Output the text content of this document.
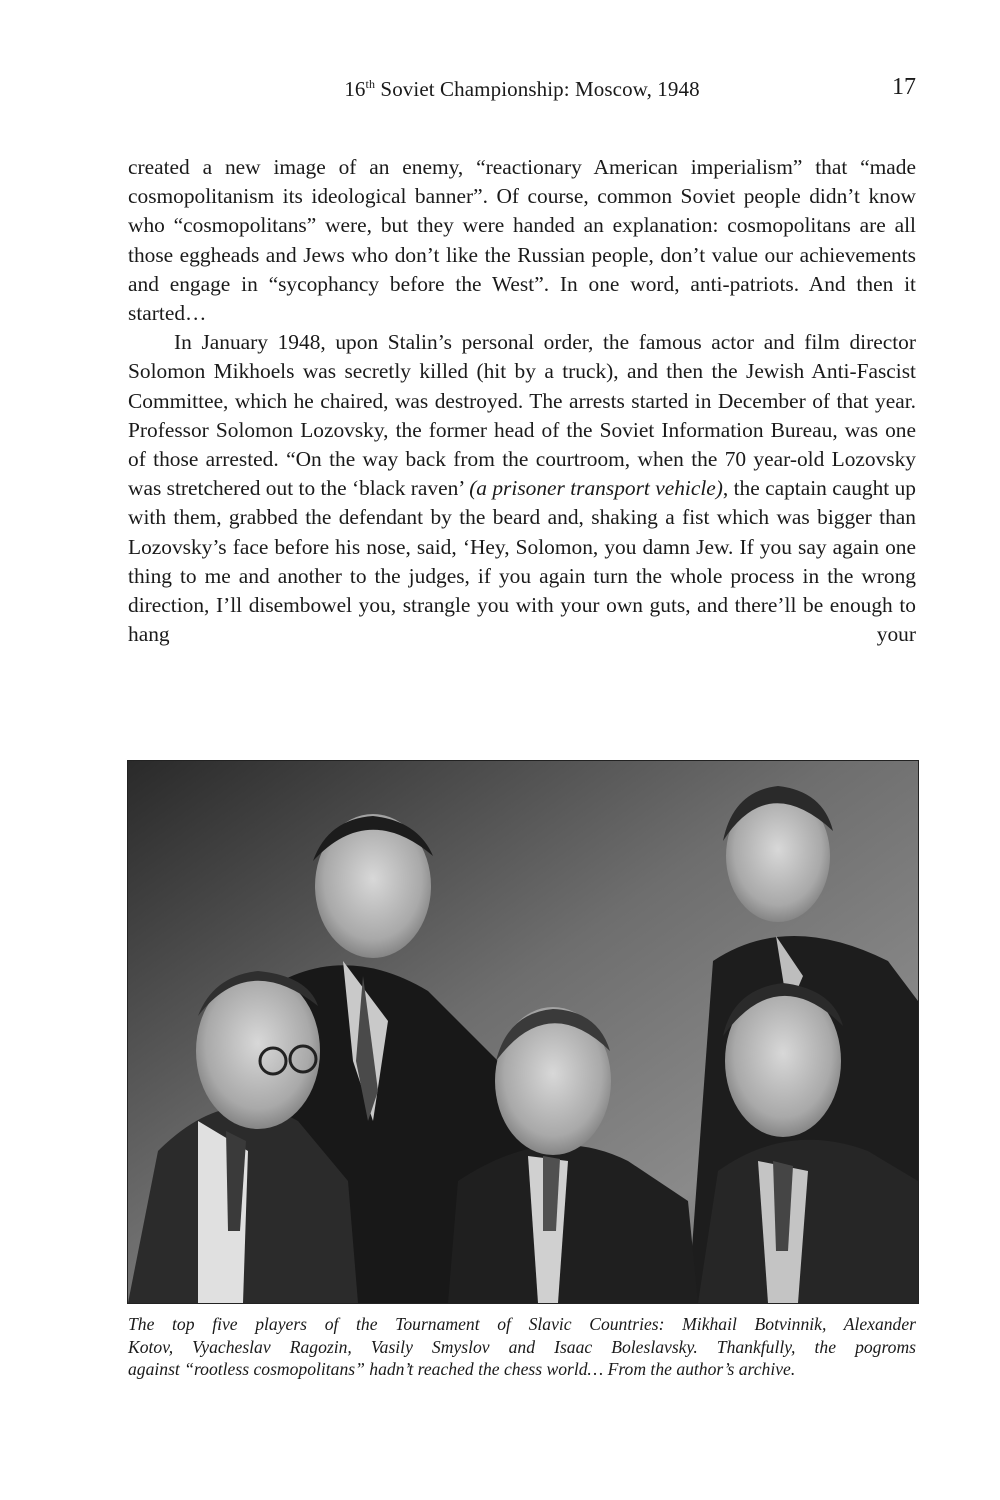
16th Soviet Championship: Moscow, 1948	17

created a new image of an enemy, “reactionary American imperialism” that “made cosmopolitanism its ideological banner”. Of course, common Soviet people didn’t know who “cosmopolitans” were, but they were handed an explanation: cosmopolitans are all those eggheads and Jews who don’t like the Russian people, don’t value our achievements and engage in “sycophancy before the West”. In one word, anti-patriots. And then it started…

In January 1948, upon Stalin’s personal order, the famous actor and film director Solomon Mikhoels was secretly killed (hit by a truck), and then the Jewish Anti-Fascist Committee, which he chaired, was destroyed. The arrests started in December of that year. Professor Solomon Lozovsky, the former head of the Soviet Information Bureau, was one of those arrested. “On the way back from the courtroom, when the 70 year-old Lozovsky was stretchered out to the ‘black raven’ (a prisoner transport vehicle), the captain caught up with them, grabbed the defendant by the beard and, shaking a fist which was bigger than Lozovsky’s face before his nose, said, ‘Hey, Solomon, you damn Jew. If you say again one thing to me and another to the judges, if you again turn the whole process in the wrong direction, I’ll disembowel you, strangle you with your own guts, and there’ll be enough to hang your

The top five players of the Tournament of Slavic Countries: Mikhail Botvinnik, Alexander
Kotov, Vyacheslav Ragozin, Vasily Smyslov and Isaac Boleslavsky. Thankfully, the pogroms
against “rootless cosmopolitans” hadn’t reached the chess world… From the author’s archive.
